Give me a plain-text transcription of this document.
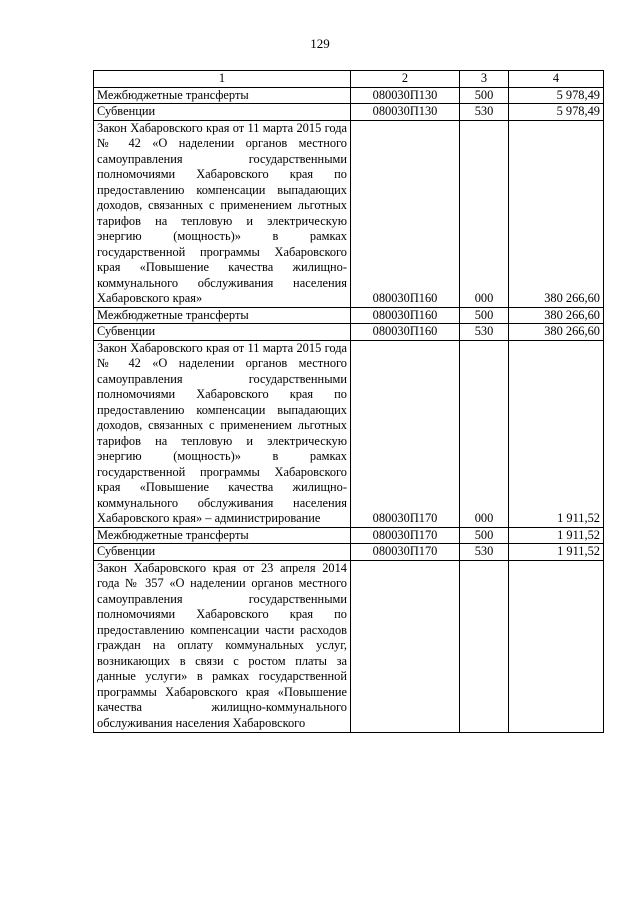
129
1	2	3	4
Межбюджетные трансферты	080030П130	500	5 978,49
Субвенции	080030П130	530	5 978,49
Закон Хабаровского края от 11 марта 2015 года № 42 «О наделении органов местного самоуправления государственными полномочиями Хабаровского края по предоставлению компенсации выпадающих доходов, связанных с применением льготных тарифов на тепловую и электрическую энергию (мощность)» в рамках государственной программы Хабаровского края «Повышение качества жилищно-коммунального обслуживания населения Хабаровского края»	080030П160	000	380 266,60
Межбюджетные трансферты	080030П160	500	380 266,60
Субвенции	080030П160	530	380 266,60
Закон Хабаровского края от 11 марта 2015 года № 42 «О наделении органов местного самоуправления государственными полномочиями Хабаровского края по предоставлению компенсации выпадающих доходов, связанных с применением льготных тарифов на тепловую и электрическую энергию (мощность)» в рамках государственной программы Хабаровского края «Повышение качества жилищно-коммунального обслуживания населения Хабаровского края» – администрирование	080030П170	000	1 911,52
Межбюджетные трансферты	080030П170	500	1 911,52
Субвенции	080030П170	530	1 911,52
Закон Хабаровского края от 23 апреля 2014 года № 357 «О наделении органов местного самоуправления государственными полномочиями Хабаровского края по предоставлению компенсации части расходов граждан на оплату коммунальных услуг, возникающих в связи с ростом платы за данные услуги» в рамках государственной программы Хабаровского края «Повышение качества жилищно-коммунального обслуживания населения Хабаровского			
